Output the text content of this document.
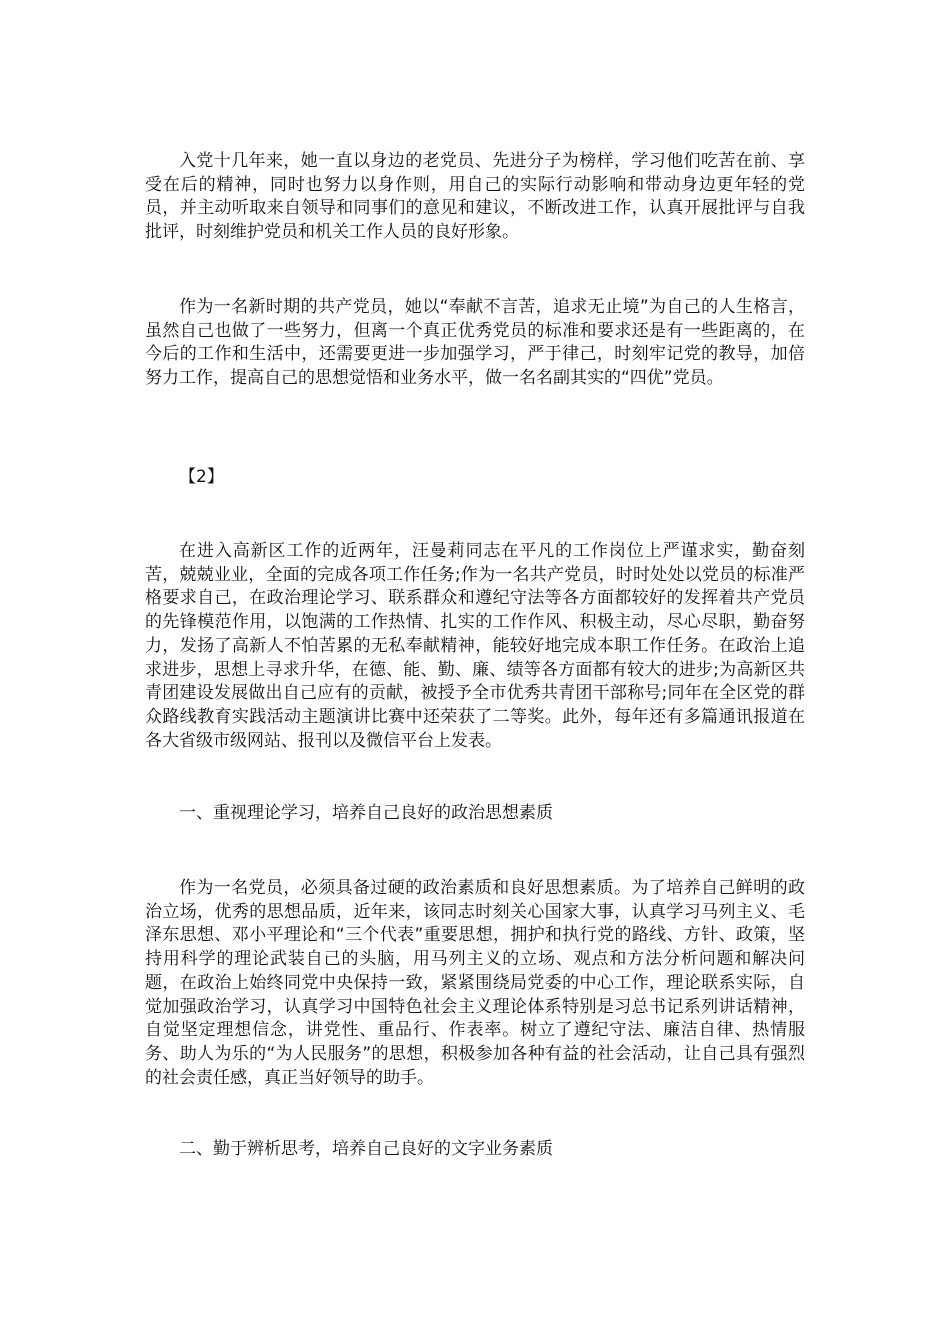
入党十几年来，她一直以身边的老党员、先进分子为榜样，学习他们吃苦在前、享受在后的精神，同时也努力以身作则，用自己的实际行动影响和带动身边更年轻的党员，并主动听取来自领导和同事们的意见和建议，不断改进工作，认真开展批评与自我批评，时刻维护党员和机关工作人员的良好形象。

作为一名新时期的共产党员，她以“奉献不言苦，追求无止境”为自己的人生格言，虽然自己也做了一些努力，但离一个真正优秀党员的标准和要求还是有一些距离的，在今后的工作和生活中，还需要更进一步加强学习，严于律己，时刻牢记党的教导，加倍努力工作，提高自己的思想觉悟和业务水平，做一名名副其实的“四优”党员。

【2】

在进入高新区工作的近两年，汪曼莉同志在平凡的工作岗位上严谨求实，勤奋刻苦，兢兢业业，全面的完成各项工作任务;作为一名共产党员，时时处处以党员的标准严格要求自己，在政治理论学习、联系群众和遵纪守法等各方面都较好的发挥着共产党员的先锋模范作用，以饱满的工作热情、扎实的工作作风、积极主动，尽心尽职，勤奋努力，发扬了高新人不怕苦累的无私奉献精神，能较好地完成本职工作任务。在政治上追求进步，思想上寻求升华，在德、能、勤、廉、绩等各方面都有较大的进步;为高新区共青团建设发展做出自己应有的贡献，被授予全市优秀共青团干部称号;同年在全区党的群众路线教育实践活动主题演讲比赛中还荣获了二等奖。此外，每年还有多篇通讯报道在各大省级市级网站、报刊以及微信平台上发表。

一、重视理论学习，培养自己良好的政治思想素质

作为一名党员，必须具备过硬的政治素质和良好思想素质。为了培养自己鲜明的政治立场，优秀的思想品质，近年来，该同志时刻关心国家大事，认真学习马列主义、毛泽东思想、邓小平理论和“三个代表”重要思想，拥护和执行党的路线、方针、政策，坚持用科学的理论武装自己的头脑，用马列主义的立场、观点和方法分析问题和解决问题，在政治上始终同党中央保持一致，紧紧围绕局党委的中心工作，理论联系实际，自觉加强政治学习，认真学习中国特色社会主义理论体系特别是习总书记系列讲话精神，自觉坚定理想信念，讲党性、重品行、作表率。树立了遵纪守法、廉洁自律、热情服务、助人为乐的“为人民服务”的思想，积极参加各种有益的社会活动，让自己具有强烈的社会责任感，真正当好领导的助手。

二、勤于辨析思考，培养自己良好的文字业务素质
